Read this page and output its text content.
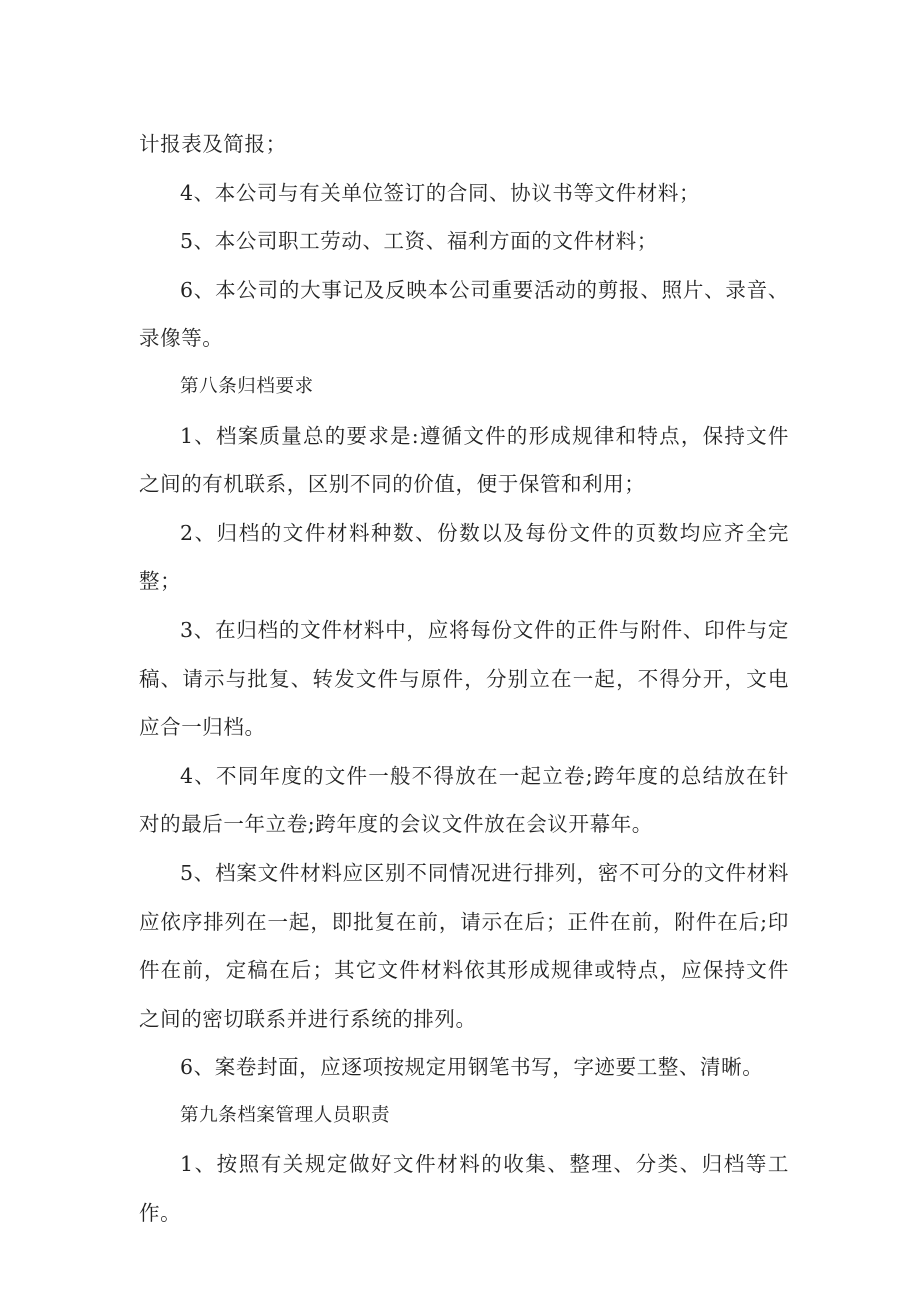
计报表及简报；

4、本公司与有关单位签订的合同、协议书等文件材料；

5、本公司职工劳动、工资、福利方面的文件材料；

6、本公司的大事记及反映本公司重要活动的剪报、照片、录音、录像等。

第八条归档要求

1、档案质量总的要求是:遵循文件的形成规律和特点，保持文件之间的有机联系，区别不同的价值，便于保管和利用；

2、归档的文件材料种数、份数以及每份文件的页数均应齐全完整；

3、在归档的文件材料中，应将每份文件的正件与附件、印件与定稿、请示与批复、转发文件与原件，分别立在一起，不得分开，文电应合一归档。

4、不同年度的文件一般不得放在一起立卷;跨年度的总结放在针对的最后一年立卷;跨年度的会议文件放在会议开幕年。

5、档案文件材料应区别不同情况进行排列，密不可分的文件材料应依序排列在一起，即批复在前，请示在后；正件在前，附件在后;印件在前，定稿在后；其它文件材料依其形成规律或特点，应保持文件之间的密切联系并进行系统的排列。

6、案卷封面，应逐项按规定用钢笔书写，字迹要工整、清晰。

第九条档案管理人员职责

1、按照有关规定做好文件材料的收集、整理、分类、归档等工作。
